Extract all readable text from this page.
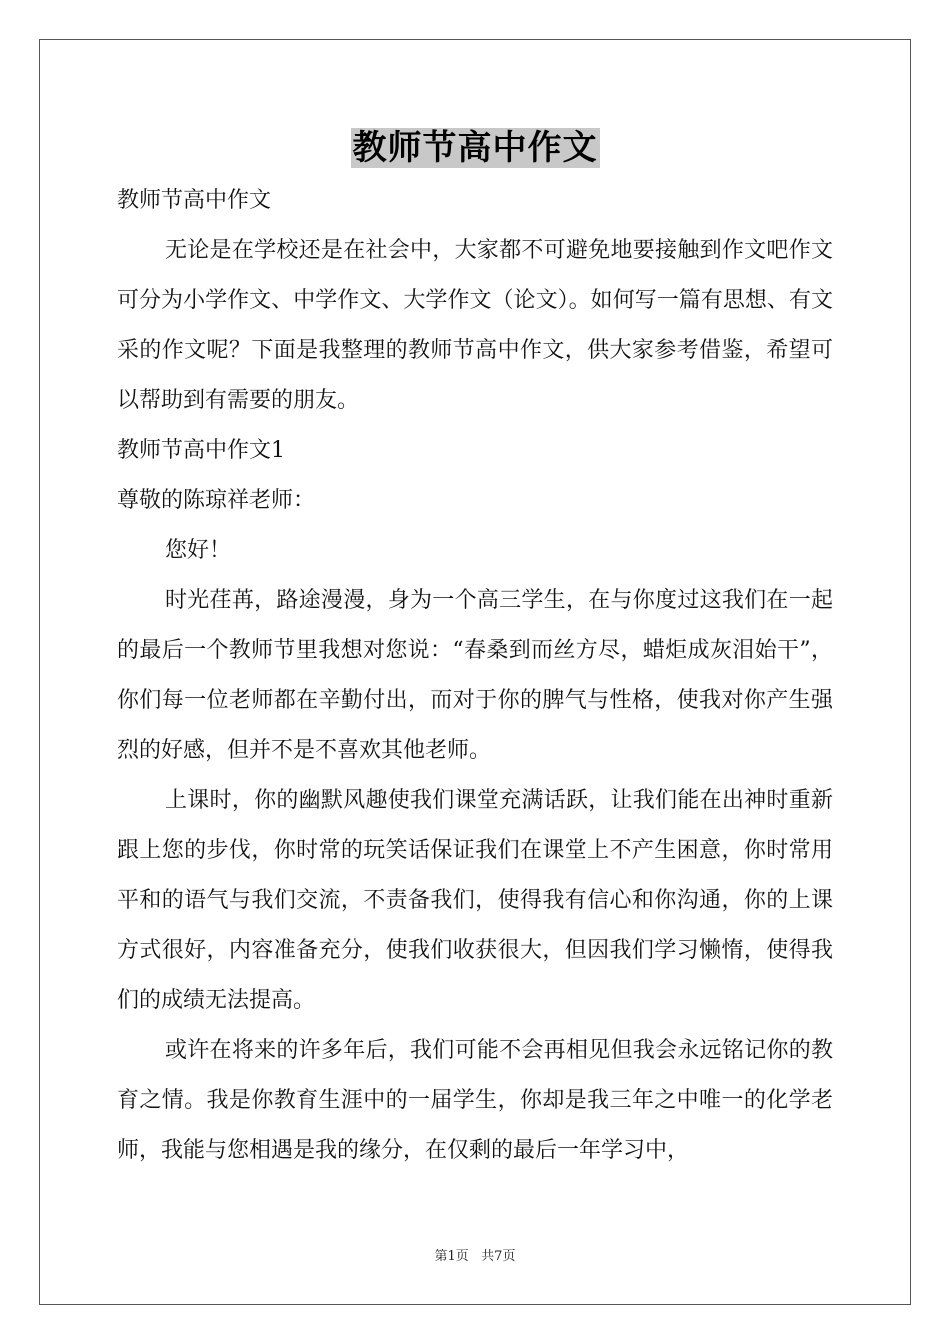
教师节高中作文

教师节高中作文

无论是在学校还是在社会中，大家都不可避免地要接触到作文吧作文可分为小学作文、中学作文、大学作文（论文）。如何写一篇有思想、有文采的作文呢？下面是我整理的教师节高中作文，供大家参考借鉴，希望可以帮助到有需要的朋友。

教师节高中作文1

尊敬的陈琼祥老师：

您好！

时光荏苒，路途漫漫，身为一个高三学生，在与你度过这我们在一起的最后一个教师节里我想对您说：“春桑到而丝方尽，蜡炬成灰泪始干”，你们每一位老师都在辛勤付出，而对于你的脾气与性格，使我对你产生强烈的好感，但并不是不喜欢其他老师。

上课时，你的幽默风趣使我们课堂充满话跃，让我们能在出神时重新跟上您的步伐，你时常的玩笑话保证我们在课堂上不产生困意，你时常用平和的语气与我们交流，不责备我们，使得我有信心和你沟通，你的上课方式很好，内容准备充分，使我们收获很大，但因我们学习懒惰，使得我们的成绩无法提高。

或许在将来的许多年后，我们可能不会再相见但我会永远铭记你的教育之情。我是你教育生涯中的一届学生，你却是我三年之中唯一的化学老师，我能与您相遇是我的缘分，在仅剩的最后一年学习中，

第1页   共7页
